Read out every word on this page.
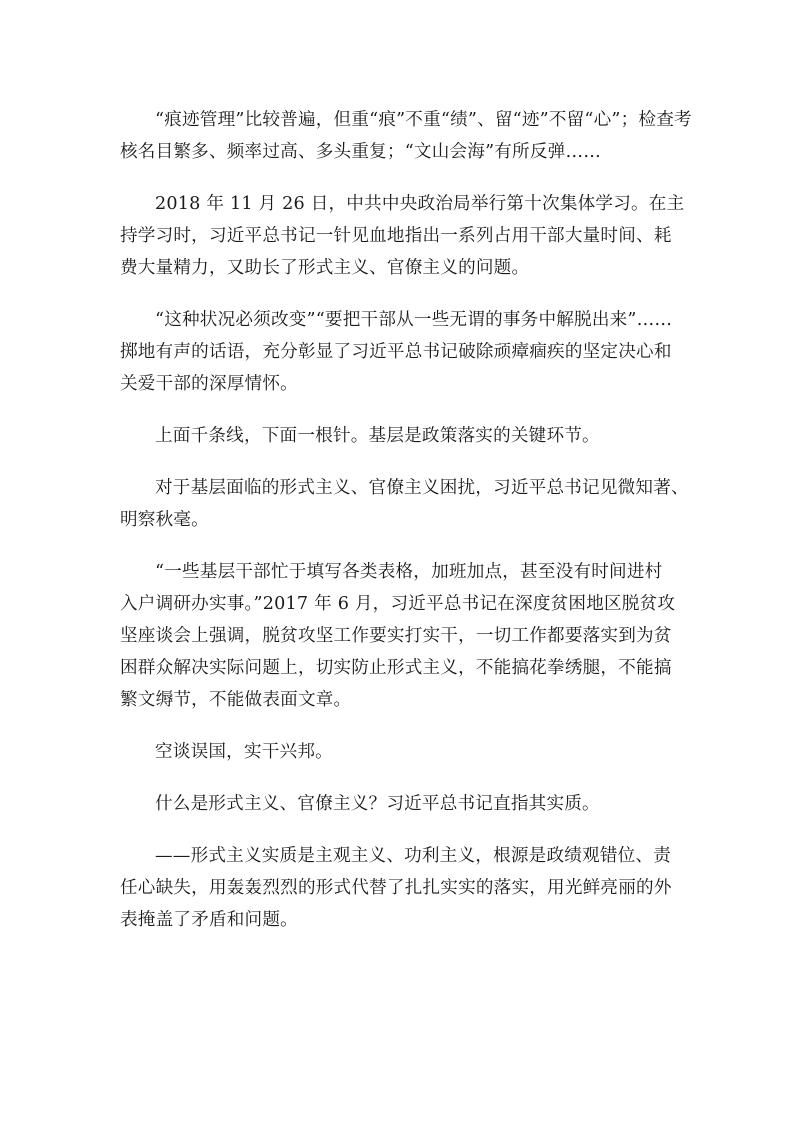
“痕迹管理”比较普遍，但重“痕”不重“绩”、留“迹”不留“心”；检查考
核名目繁多、频率过高、多头重复；“文山会海”有所反弹……

2018 年 11 月 26 日，中共中央政治局举行第十次集体学习。在主
持学习时，习近平总书记一针见血地指出一系列占用干部大量时间、耗
费大量精力，又助长了形式主义、官僚主义的问题。

“这种状况必须改变”“要把干部从一些无谓的事务中解脱出来”……
掷地有声的话语，充分彰显了习近平总书记破除顽瘴痼疾的坚定决心和
关爱干部的深厚情怀。

上面千条线，下面一根针。基层是政策落实的关键环节。

对于基层面临的形式主义、官僚主义困扰，习近平总书记见微知著、
明察秋毫。

“一些基层干部忙于填写各类表格，加班加点，甚至没有时间进村
入户调研办实事。”2017 年 6 月，习近平总书记在深度贫困地区脱贫攻
坚座谈会上强调，脱贫攻坚工作要实打实干，一切工作都要落实到为贫
困群众解决实际问题上，切实防止形式主义，不能搞花拳绣腿，不能搞
繁文缛节，不能做表面文章。

空谈误国，实干兴邦。

什么是形式主义、官僚主义？习近平总书记直指其实质。

——形式主义实质是主观主义、功利主义，根源是政绩观错位、责
任心缺失，用轰轰烈烈的形式代替了扎扎实实的落实，用光鲜亮丽的外
表掩盖了矛盾和问题。
